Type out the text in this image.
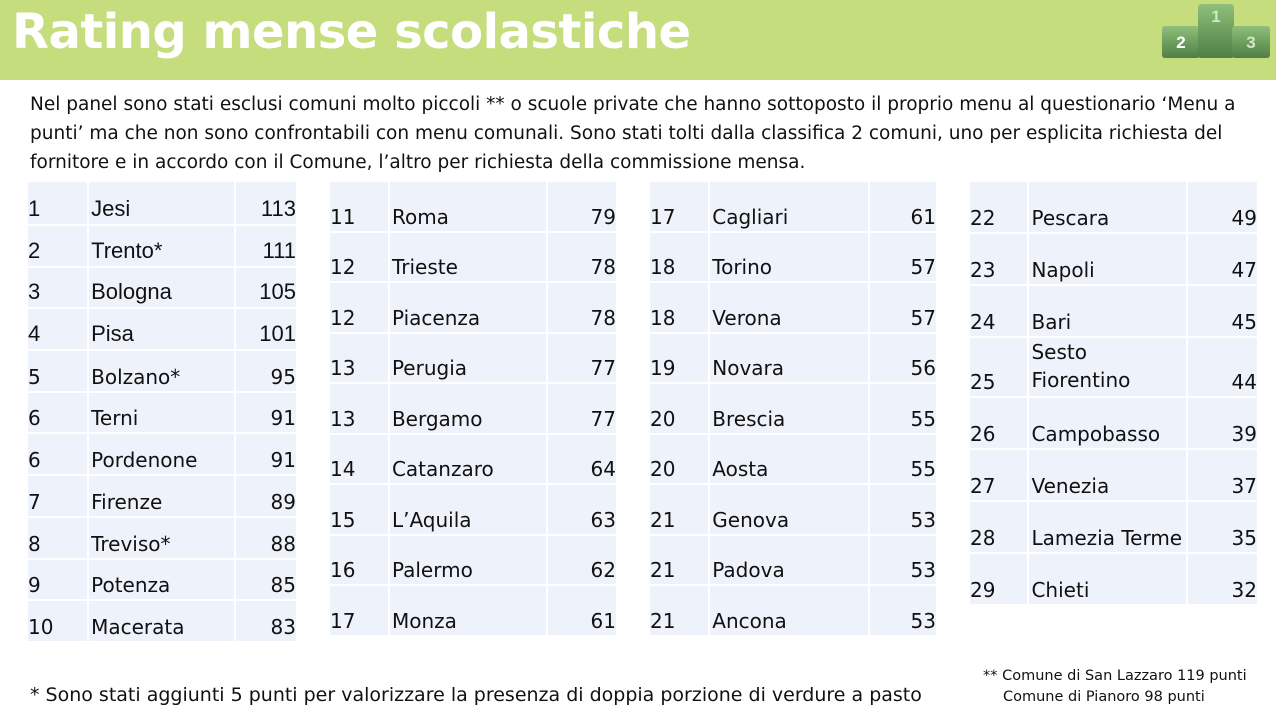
Rating mense scolastiche	1
2	3
Nel panel sono stati esclusi comuni molto piccoli ** o scuole private che hanno sottoposto il proprio menu al questionario ‘Menu a punti’ ma che non sono confrontabili con menu comunali. Sono stati tolti dalla classifica 2 comuni, uno per esplicita richiesta del fornitore e in accordo con il Comune, l’altro per richiesta della commissione mensa.
1	Jesi	113
2	Trento*	111
3	Bologna	105
4	Pisa	101
5	Bolzano*	95
6	Terni	91
6	Pordenone	91
7	Firenze	89
8	Treviso*	88
9	Potenza	85
10	Macerata	83
11	Roma	79
12	Trieste	78
12	Piacenza	78
13	Perugia	77
13	Bergamo	77
14	Catanzaro	64
15	L’Aquila	63
16	Palermo	62
17	Monza	61
17	Cagliari	61
18	Torino	57
18	Verona	57
19	Novara	56
20	Brescia	55
20	Aosta	55
21	Genova	53
21	Padova	53
21	Ancona	53
22	Pescara	49
23	Napoli	47
24	Bari	45
25	Sesto Fiorentino	44
26	Campobasso	39
27	Venezia	37
28	Lamezia Terme	35
29	Chieti	32
* Sono stati aggiunti 5 punti per valorizzare la presenza di doppia porzione di verdure a pasto
** Comune di San Lazzaro 119 punti
Comune di Pianoro 98 punti
